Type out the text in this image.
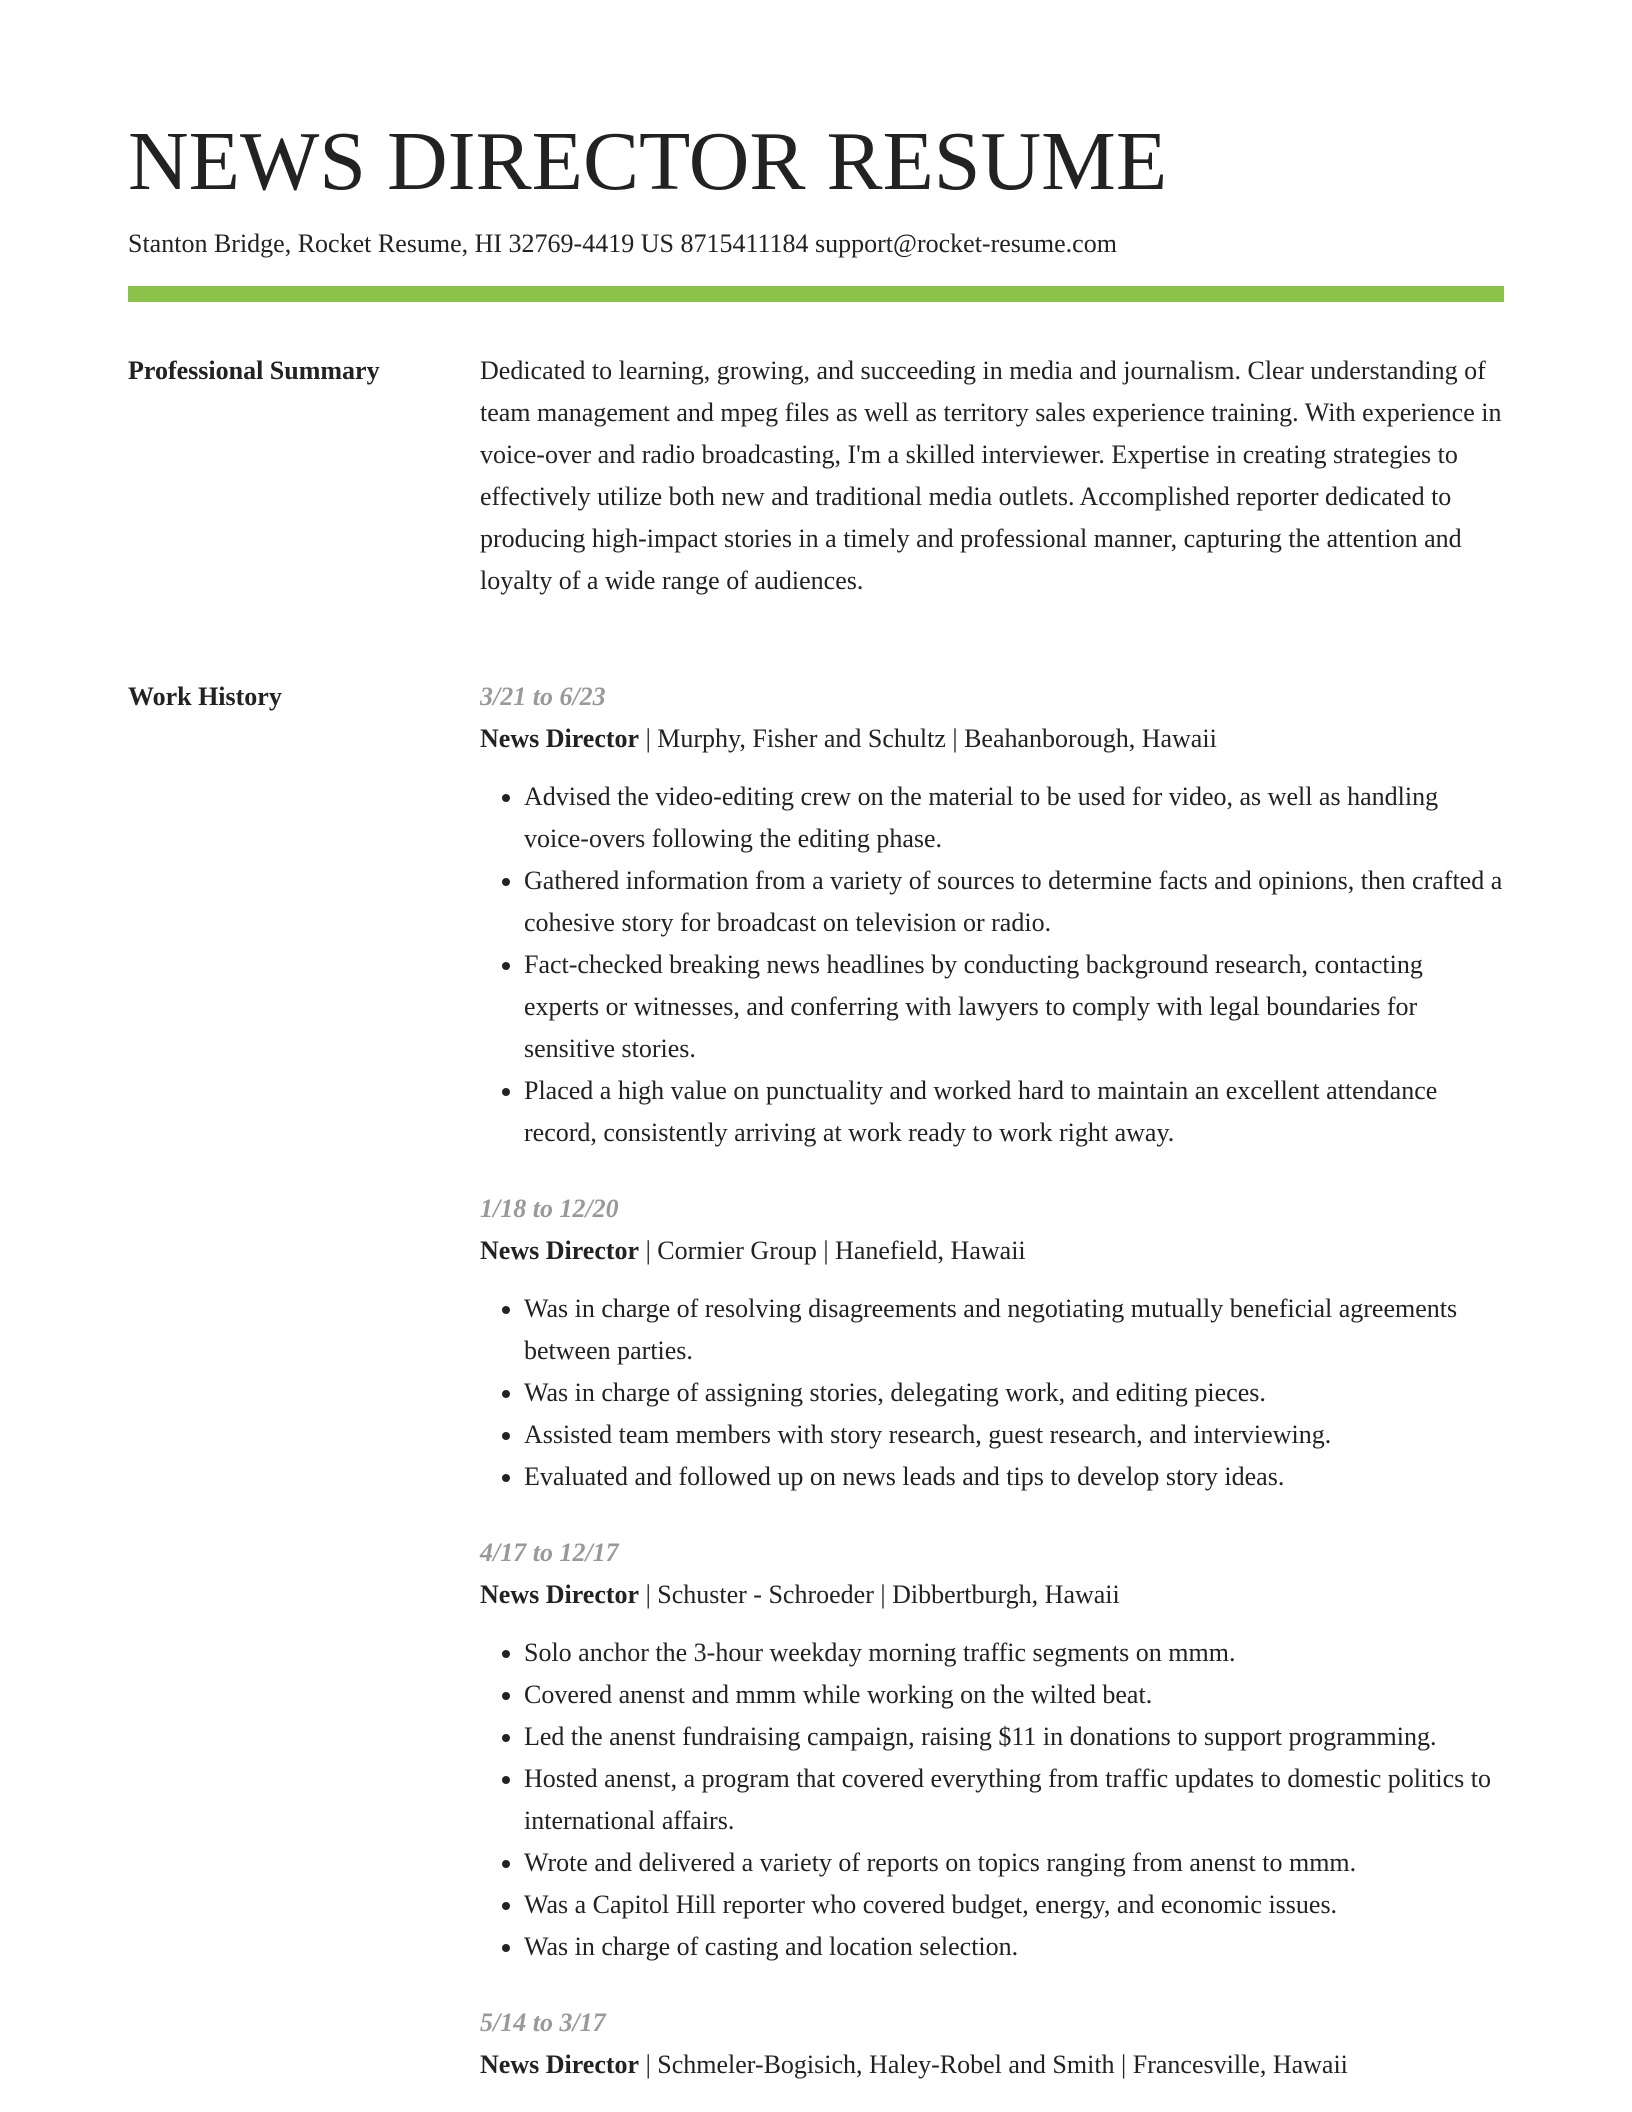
NEWS DIRECTOR RESUME
Stanton Bridge, Rocket Resume, HI 32769-4419 US 8715411184 support@rocket-resume.com
Professional Summary	Dedicated to learning, growing, and succeeding in media and journalism. Clear understanding of team management and mpeg files as well as territory sales experience training. With experience in voice-over and radio broadcasting, I'm a skilled interviewer. Expertise in creating strategies to effectively utilize both new and traditional media outlets. Accomplished reporter dedicated to producing high-impact stories in a timely and professional manner, capturing the attention and loyalty of a wide range of audiences.

Work History	3/21 to 6/23
News Director | Murphy, Fisher and Schultz | Beahanborough, Hawaii
• Advised the video-editing crew on the material to be used for video, as well as handling voice-overs following the editing phase.
• Gathered information from a variety of sources to determine facts and opinions, then crafted a cohesive story for broadcast on television or radio.
• Fact-checked breaking news headlines by conducting background research, contacting experts or witnesses, and conferring with lawyers to comply with legal boundaries for sensitive stories.
• Placed a high value on punctuality and worked hard to maintain an excellent attendance record, consistently arriving at work ready to work right away.
1/18 to 12/20
News Director | Cormier Group | Hanefield, Hawaii
• Was in charge of resolving disagreements and negotiating mutually beneficial agreements between parties.
• Was in charge of assigning stories, delegating work, and editing pieces.
• Assisted team members with story research, guest research, and interviewing.
• Evaluated and followed up on news leads and tips to develop story ideas.
4/17 to 12/17
News Director | Schuster - Schroeder | Dibbertburgh, Hawaii
• Solo anchor the 3-hour weekday morning traffic segments on mmm.
• Covered anenst and mmm while working on the wilted beat.
• Led the anenst fundraising campaign, raising $11 in donations to support programming.
• Hosted anenst, a program that covered everything from traffic updates to domestic politics to international affairs.
• Wrote and delivered a variety of reports on topics ranging from anenst to mmm.
• Was a Capitol Hill reporter who covered budget, energy, and economic issues.
• Was in charge of casting and location selection.
5/14 to 3/17
News Director | Schmeler-Bogisich, Haley-Robel and Smith | Francesville, Hawaii
